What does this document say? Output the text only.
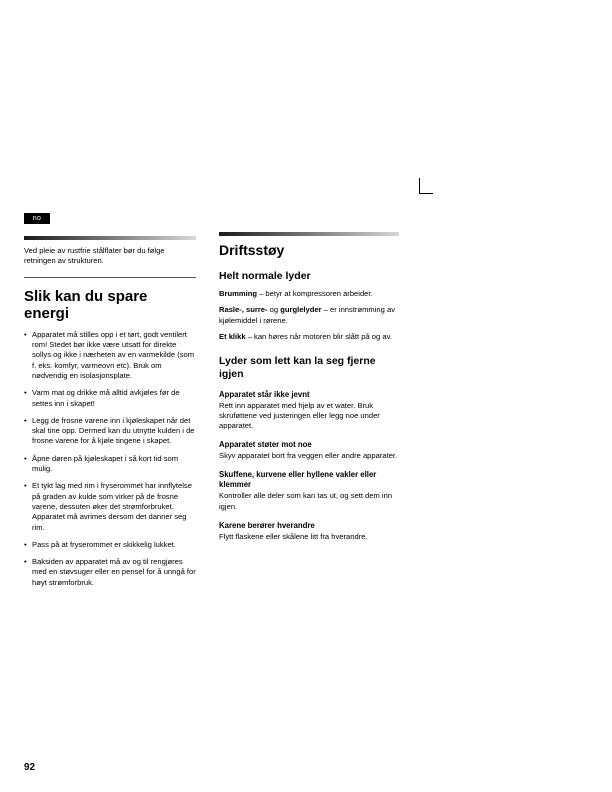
no

Ved pleie av rustfrie stålflater bør du følge retningen av strukturen.

Slik kan du spare energi
• Apparatet må stilles opp i et tørt, godt ventilert rom! Stedet bør ikke være utsatt for direkte sollys og ikke i nærheten av en varmekilde (som f. eks. komfyr, varmeovn etc). Bruk om nødvendig en isolasjonsplate.
• Varm mat og drikke må alltid avkjøles før de settes inn i skapet!
• Legg de frosne varene inn i kjøleskapet når det skal tine opp. Dermed kan du utnytte kulden i de frosne varene for å kjøle tingene i skapet.
• Åpne døren på kjøleskapet i så kort tid som mulig.
• Et tykt lag med rim i fryserommet har innflytelse på graden av kulde som virker på de frosne varene, dessuten øker det strømforbruket. Apparatet må avrimes dersom det danner seg rim.
• Pass på at fryserommet er skikkelig lukket.
• Baksiden av apparatet må av og til rengjøres med en støvsuger eller en pensel for å unngå for høyt strømforbruk.
Driftsstøy
Helt normale lyder

Brumming – betyr at kompressoren arbeider.

Rasle-, surre- og gurglelyder – er innstrømming av kjølemiddel i rørene.

Et klikk – kan høres når motoren blir slått på og av.

Lyder som lett kan la seg fjerne igjen
Apparatet står ikke jevnt

Rett inn apparatet med hjelp av et water. Bruk skruføttene ved justeringen eller legg noe under apparatet.

Apparatet støter mot noe

Skyv apparatet bort fra veggen eller andre apparater.

Skuffene, kurvene eller hyllene vakler eller klemmer

Kontroller alle deler som kan tas ut, og sett dem inn igjen.

Karene berører hverandre

Flytt flaskene eller skålene litt fra hverandre.

92
